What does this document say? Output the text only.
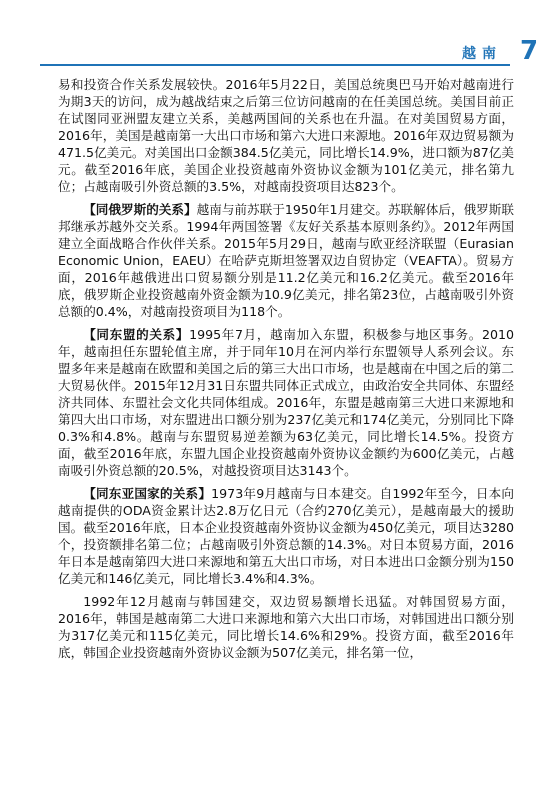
越南 7

易和投资合作关系发展较快。2016年5月22日，美国总统奥巴马开始对越南进行为期3天的访问，成为越战结束之后第三位访问越南的在任美国总统。美国目前正在试图同亚洲盟友建立关系，美越两国间的关系也在升温。在对美国贸易方面，2016年，美国是越南第一大出口市场和第六大进口来源地。2016年双边贸易额为471.5亿美元。对美国出口金额384.5亿美元，同比增长14.9%，进口额为87亿美元。截至2016年底，美国企业投资越南外资协议金额为101亿美元，排名第九位；占越南吸引外资总额的3.5%，对越南投资项目达823个。

【同俄罗斯的关系】越南与前苏联于1950年1月建交。苏联解体后，俄罗斯联邦继承苏越外交关系。1994年两国签署《友好关系基本原则条约》。2012年两国建立全面战略合作伙伴关系。2015年5月29日，越南与欧亚经济联盟（Eurasian Economic Union，EAEU）在哈萨克斯坦签署双边自贸协定（VEAFTA）。贸易方面，2016年越俄进出口贸易额分别是11.2亿美元和16.2亿美元。截至2016年底，俄罗斯企业投资越南外资金额为10.9亿美元，排名第23位，占越南吸引外资总额的0.4%，对越南投资项目为118个。

【同东盟的关系】1995年7月，越南加入东盟，积极参与地区事务。2010年，越南担任东盟轮值主席，并于同年10月在河内举行东盟领导人系列会议。东盟多年来是越南在欧盟和美国之后的第三大出口市场，也是越南在中国之后的第二大贸易伙伴。2015年12月31日东盟共同体正式成立，由政治安全共同体、东盟经济共同体、东盟社会文化共同体组成。2016年，东盟是越南第三大进口来源地和第四大出口市场，对东盟进出口额分别为237亿美元和174亿美元，分别同比下降0.3%和4.8%。越南与东盟贸易逆差额为63亿美元，同比增长14.5%。投资方面，截至2016年底，东盟九国企业投资越南外资协议金额约为600亿美元，占越南吸引外资总额的20.5%，对越投资项目达3143个。

【同东亚国家的关系】1973年9月越南与日本建交。自1992年至今，日本向越南提供的ODA资金累计达2.8万亿日元（合约270亿美元），是越南最大的援助国。截至2016年底，日本企业投资越南外资协议金额为450亿美元，项目达3280个，投资额排名第二位；占越南吸引外资总额的14.3%。对日本贸易方面，2016年日本是越南第四大进口来源地和第五大出口市场，对日本进出口金额分别为150亿美元和146亿美元，同比增长3.4%和4.3%。

1992年12月越南与韩国建交，双边贸易额增长迅猛。对韩国贸易方面，2016年，韩国是越南第二大进口来源地和第六大出口市场，对韩国进出口额分别为317亿美元和115亿美元，同比增长14.6%和29%。投资方面，截至2016年底，韩国企业投资越南外资协议金额为507亿美元，排名第一位，
